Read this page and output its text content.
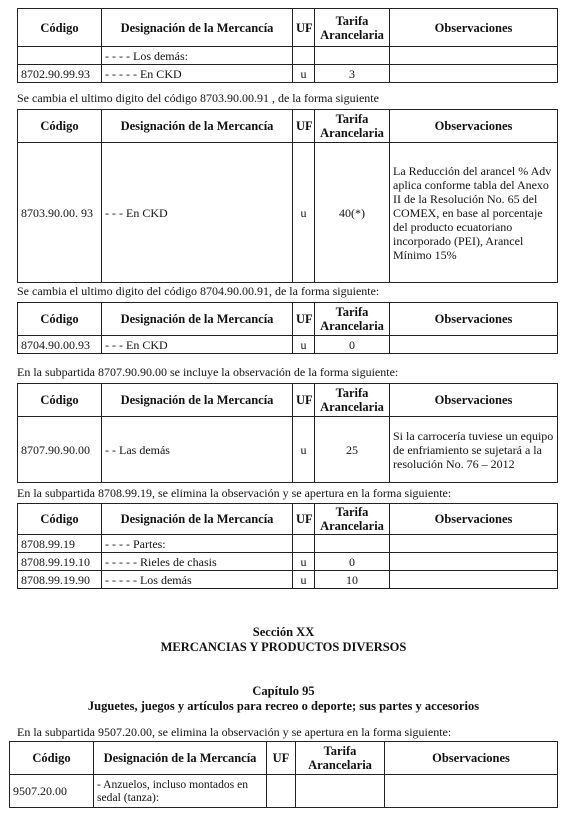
Código	Designación de la Mercancía	UF	Tarifa
Arancelaria	Observaciones
	- - - - Los demás:			
8702.90.99.93	- - - - - En CKD	u	3	
Se cambia el ultimo digito del código 8703.90.00.91 , de la forma siguiente
Código	Designación de la Mercancía	UF	Tarifa
Arancelaria	Observaciones
8703.90.00. 93	- - - En CKD	u	40(*)	La Reducción del arancel % Adv aplica conforme tabla del Anexo II de la Resolución No. 65 del COMEX, en base al porcentaje del producto ecuatoriano incorporado (PEI), Arancel Mínimo 15%
Se cambia el ultimo digito del código 8704.90.00.91, de la forma siguiente:
Código	Designación de la Mercancía	UF	Tarifa
Arancelaria	Observaciones
8704.90.00.93	- - - En CKD	u	0	
En la subpartida 8707.90.90.00 se incluye la observación de la forma siguiente:
Código	Designación de la Mercancía	UF	Tarifa
Arancelaria	Observaciones
8707.90.90.00	- - Las demás	u	25	Si la carrocería tuviese un equipo de enfriamiento se sujetará a la resolución No. 76 – 2012
En la subpartida 8708.99.19, se elimina la observación y se apertura en la forma siguiente:
Código	Designación de la Mercancía	UF	Tarifa
Arancelaria	Observaciones
8708.99.19	- - - - Partes:			
8708.99.19.10	- - - - - Rieles de chasis	u	0	
8708.99.19.90	- - - - - Los demás	u	10	
Sección XX
MERCANCIAS Y PRODUCTOS DIVERSOS
Capítulo 95
Juguetes, juegos y artículos para recreo o deporte; sus partes y accesorios
En la subpartida 9507.20.00, se elimina la observación y se apertura en la forma siguiente:
Código	Designación de la Mercancía	UF	Tarifa
Arancelaria	Observaciones
9507.20.00	- Anzuelos, incluso montados en sedal (tanza):			
